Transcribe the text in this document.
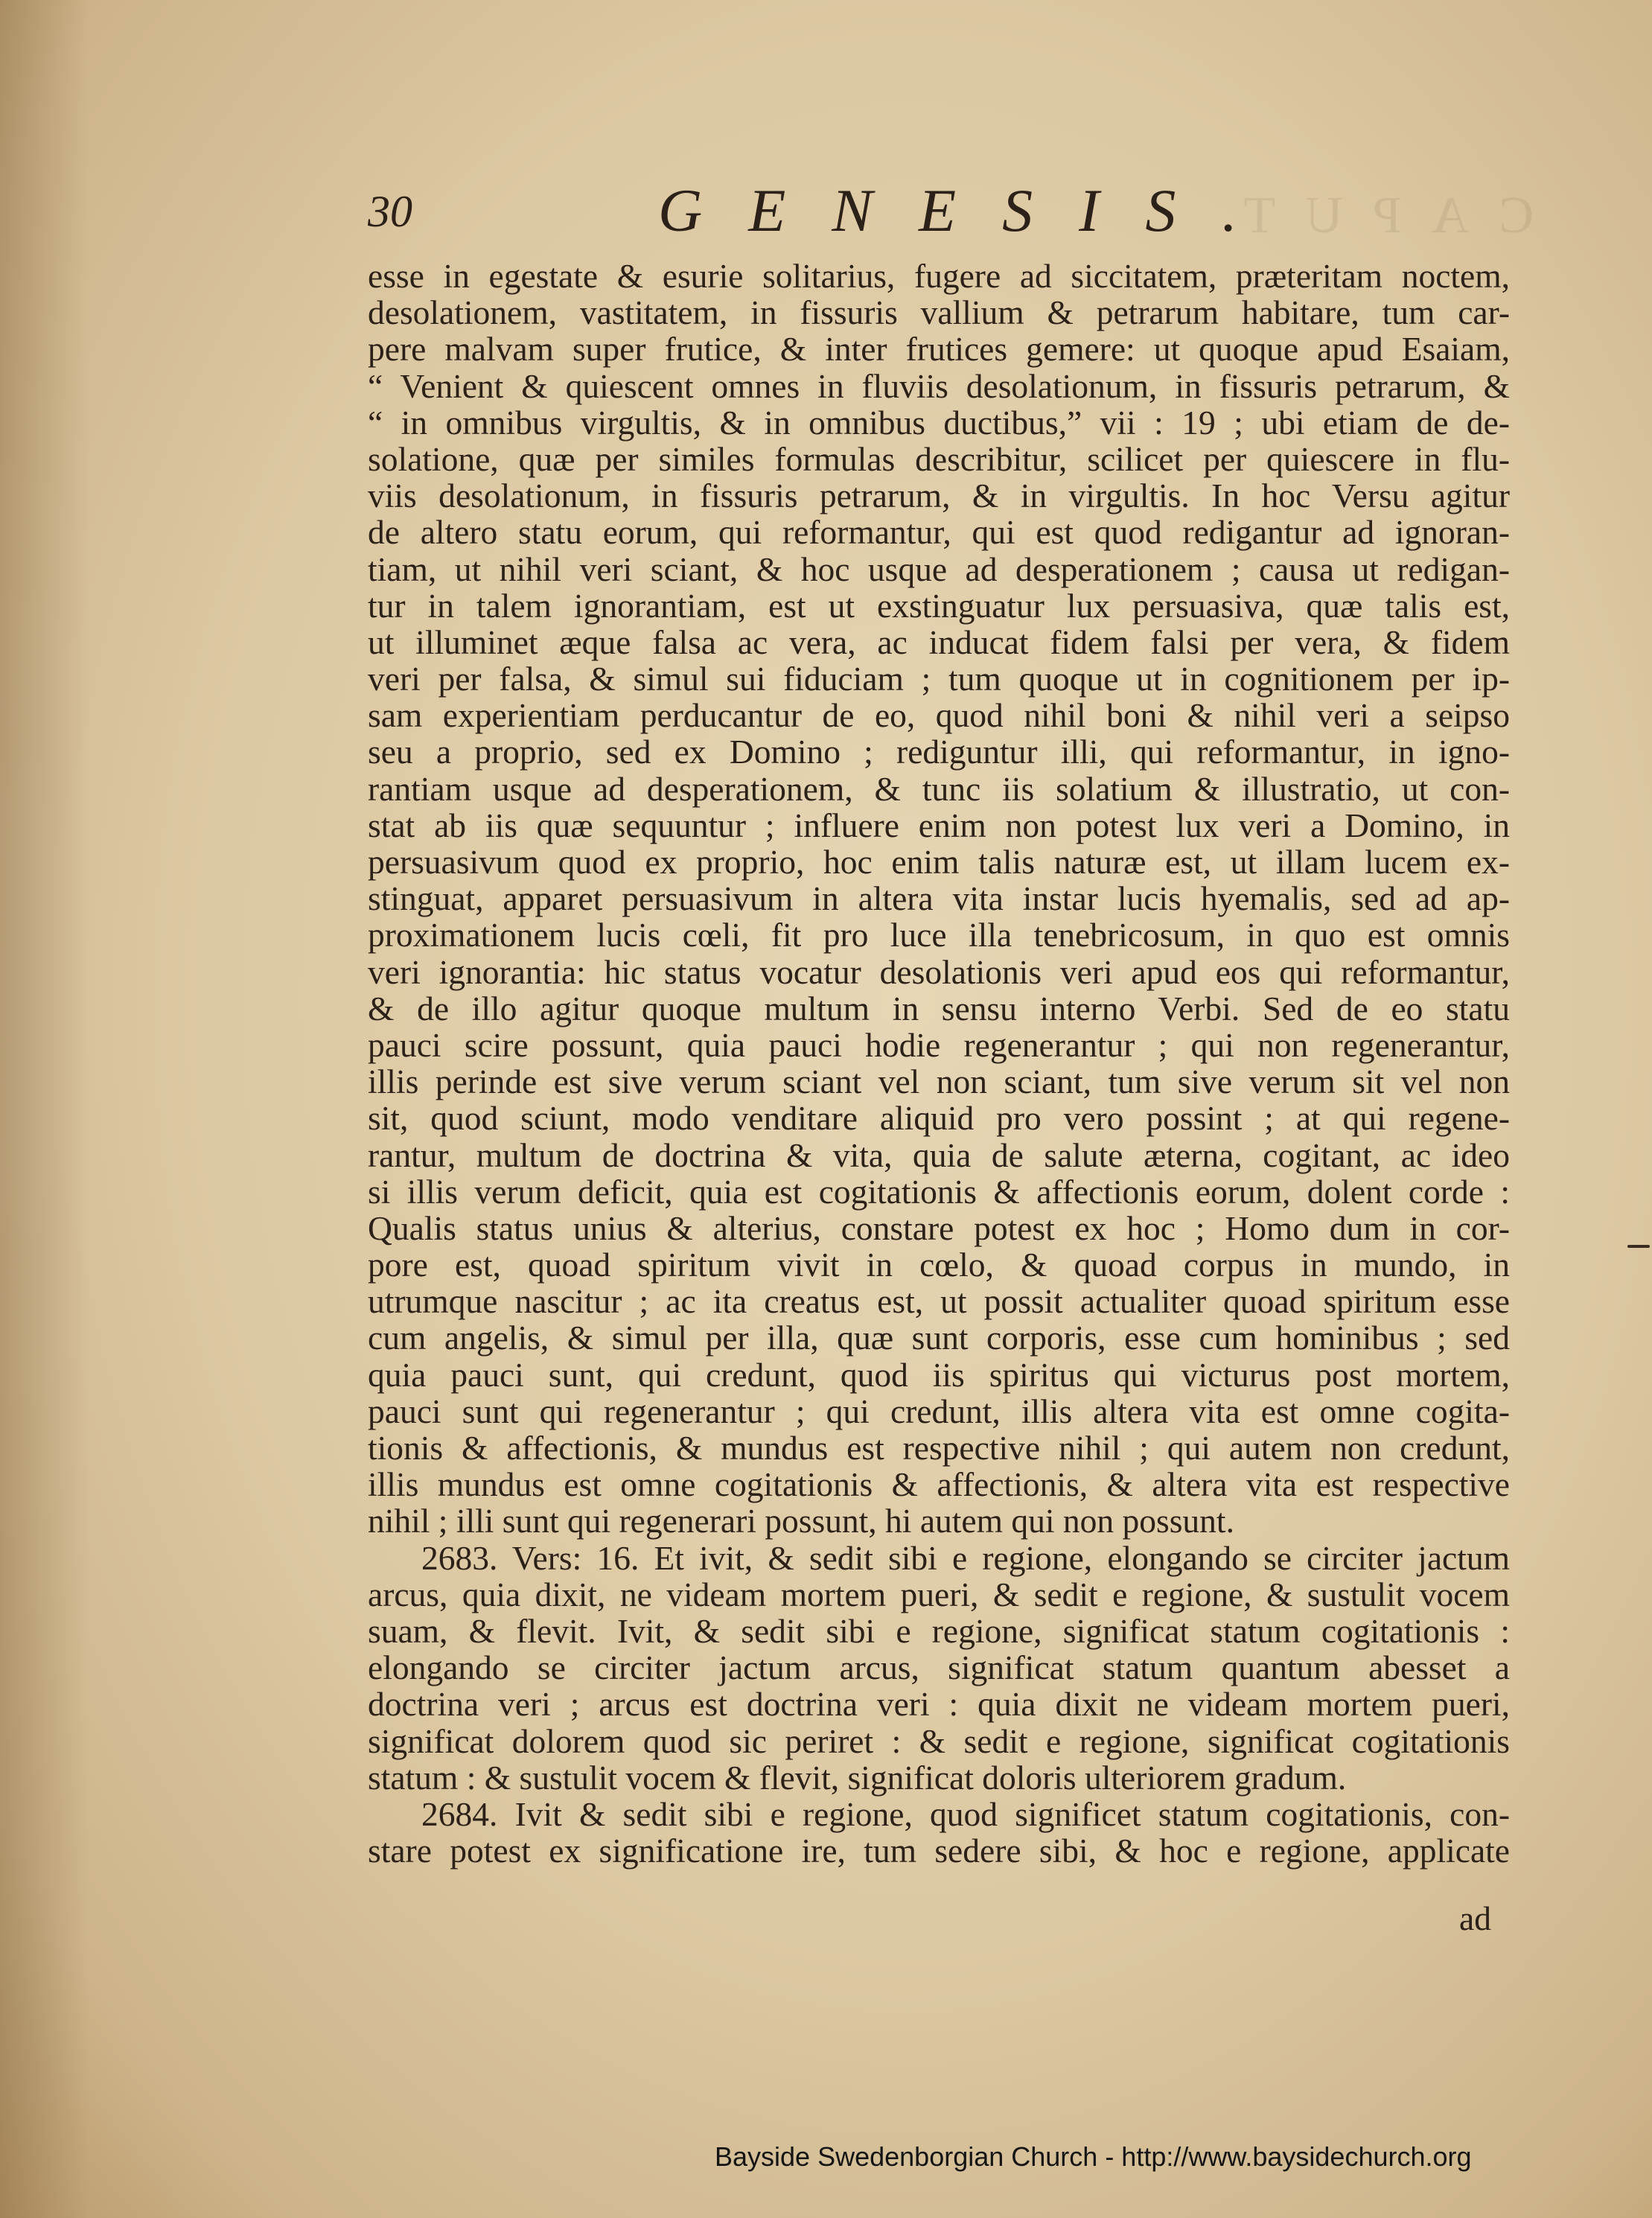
CAPUT
30	GENESIS.
esse in egestate & esurie solitarius, fugere ad siccitatem, præteritam noctem,
desolationem, vastitatem, in fissuris vallium & petrarum habitare, tum car-
pere malvam super frutice, & inter frutices gemere: ut quoque apud Esaiam,
“ Venient & quiescent omnes in fluviis desolationum, in fissuris petrarum, &
“ in omnibus virgultis, & in omnibus ductibus,” vii : 19 ; ubi etiam de de-
solatione, quæ per similes formulas describitur, scilicet per quiescere in flu-
viis desolationum, in fissuris petrarum, & in virgultis. In hoc Versu agitur
de altero statu eorum, qui reformantur, qui est quod redigantur ad ignoran-
tiam, ut nihil veri sciant, & hoc usque ad desperationem ; causa ut redigan-
tur in talem ignorantiam, est ut exstinguatur lux persuasiva, quæ talis est,
ut illuminet æque falsa ac vera, ac inducat fidem falsi per vera, & fidem
veri per falsa, & simul sui fiduciam ; tum quoque ut in cognitionem per ip-
sam experientiam perducantur de eo, quod nihil boni & nihil veri a seipso
seu a proprio, sed ex Domino ; rediguntur illi, qui reformantur, in igno-
rantiam usque ad desperationem, & tunc iis solatium & illustratio, ut con-
stat ab iis quæ sequuntur ; influere enim non potest lux veri a Domino, in
persuasivum quod ex proprio, hoc enim talis naturæ est, ut illam lucem ex-
stinguat, apparet persuasivum in altera vita instar lucis hyemalis, sed ad ap-
proximationem lucis cœli, fit pro luce illa tenebricosum, in quo est omnis
veri ignorantia: hic status vocatur desolationis veri apud eos qui reformantur,
& de illo agitur quoque multum in sensu interno Verbi. Sed de eo statu
pauci scire possunt, quia pauci hodie regenerantur ; qui non regenerantur,
illis perinde est sive verum sciant vel non sciant, tum sive verum sit vel non
sit, quod sciunt, modo venditare aliquid pro vero possint ; at qui regene-
rantur, multum de doctrina & vita, quia de salute æterna, cogitant, ac ideo
si illis verum deficit, quia est cogitationis & affectionis eorum, dolent corde :
Qualis status unius & alterius, constare potest ex hoc ; Homo dum in cor-
pore est, quoad spiritum vivit in cœlo, & quoad corpus in mundo, in
utrumque nascitur ; ac ita creatus est, ut possit actualiter quoad spiritum esse
cum angelis, & simul per illa, quæ sunt corporis, esse cum hominibus ; sed
quia pauci sunt, qui credunt, quod iis spiritus qui victurus post mortem,
pauci sunt qui regenerantur ; qui credunt, illis altera vita est omne cogita-
tionis & affectionis, & mundus est respective nihil ; qui autem non credunt,
illis mundus est omne cogitationis & affectionis, & altera vita est respective
nihil ; illi sunt qui regenerari possunt, hi autem qui non possunt.
2683. Vers: 16. Et ivit, & sedit sibi e regione, elongando se circiter jactum
arcus, quia dixit, ne videam mortem pueri, & sedit e regione, & sustulit vocem
suam, & flevit. Ivit, & sedit sibi e regione, significat statum cogitationis :
elongando se circiter jactum arcus, significat statum quantum abesset a
doctrina veri ; arcus est doctrina veri : quia dixit ne videam mortem pueri,
significat dolorem quod sic periret : & sedit e regione, significat cogitationis
statum : & sustulit vocem & flevit, significat doloris ulteriorem gradum.
2684. Ivit & sedit sibi e regione, quod significet statum cogitationis, con-
stare potest ex significatione ire, tum sedere sibi, & hoc e regione, applicate
ad
Bayside Swedenborgian Church - http://www.baysidechurch.org
